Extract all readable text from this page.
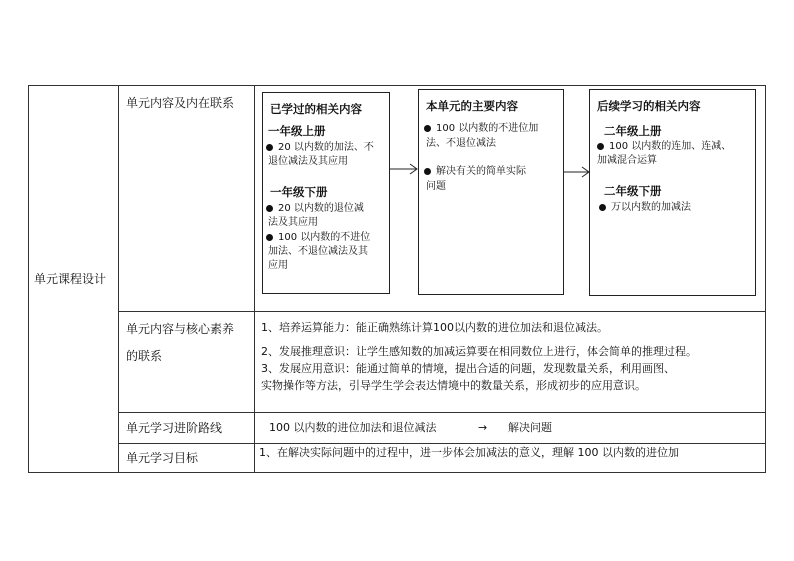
单元课程设计
单元内容及内在联系
单元内容与核心素养
的联系
单元学习进阶路线
单元学习目标
已学过的相关内容
一年级上册
20 以内数的加法、不
退位减法及其应用
一年级下册
20 以内数的退位减
法及其应用
100 以内数的不进位
加法、不退位减法及其
应用
本单元的主要内容
100 以内数的不进位加
法、不退位减法
解决有关的简单实际
问题
后续学习的相关内容
二年级上册
100 以内数的连加、连减、
加减混合运算
二年级下册
万以内数的加减法
1、培养运算能力：能正确熟练计算100以内数的进位加法和退位减法。
2、发展推理意识：让学生感知数的加减运算要在相同数位上进行，体会简单的推理过程。
3、发展应用意识：能通过简单的情境，提出合适的问题，发现数量关系，利用画图、
实物操作等方法，引导学生学会表达情境中的数量关系，形成初步的应用意识。
100 以内数的进位加法和退位减法	→ 解决问题
1、在解决实际问题中的过程中，进一步体会加减法的意义，理解 100 以内数的进位加
